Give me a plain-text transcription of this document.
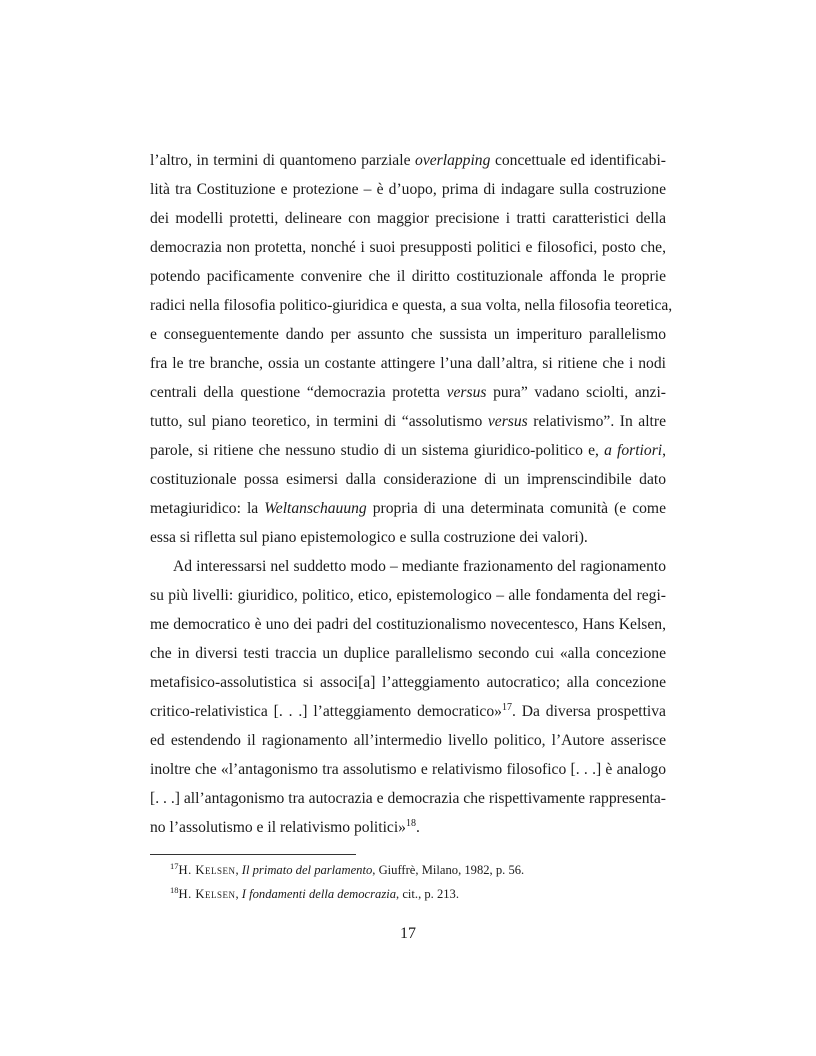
l’altro, in termini di quantomeno parziale overlapping concettuale ed identificabi-
lità tra Costituzione e protezione – è d’uopo, prima di indagare sulla costruzione
dei modelli protetti, delineare con maggior precisione i tratti caratteristici della
democrazia non protetta, nonché i suoi presupposti politici e filosofici, posto che,
potendo pacificamente convenire che il diritto costituzionale affonda le proprie
radici nella filosofia politico-giuridica e questa, a sua volta, nella filosofia teoretica,
e conseguentemente dando per assunto che sussista un imperituro parallelismo
fra le tre branche, ossia un costante attingere l’una dall’altra, si ritiene che i nodi
centrali della questione “democrazia protetta versus pura” vadano sciolti, anzi-
tutto, sul piano teoretico, in termini di “assolutismo versus relativismo”. In altre
parole, si ritiene che nessuno studio di un sistema giuridico-politico e, a fortiori,
costituzionale possa esimersi dalla considerazione di un imprenscindibile dato
metagiuridico: la Weltanschauung propria di una determinata comunità (e come
essa si rifletta sul piano epistemologico e sulla costruzione dei valori).
Ad interessarsi nel suddetto modo – mediante frazionamento del ragionamento
su più livelli: giuridico, politico, etico, epistemologico – alle fondamenta del regi-
me democratico è uno dei padri del costituzionalismo novecentesco, Hans Kelsen,
che in diversi testi traccia un duplice parallelismo secondo cui «alla concezione
metafisico-assolutistica si associ[a] l’atteggiamento autocratico; alla concezione
critico-relativistica [. . .] l’atteggiamento democratico»$^{17}$. Da diversa prospettiva
ed estendendo il ragionamento all’intermedio livello politico, l’Autore asserisce
inoltre che «l’antagonismo tra assolutismo e relativismo filosofico [. . .] è analogo
[. . .] all’antagonismo tra autocrazia e democrazia che rispettivamente rappresenta-
no l’assolutismo e il relativismo politici»$^{18}$.
$^{17}$H. Kelsen, Il primato del parlamento, Giuffrè, Milano, 1982, p. 56.
$^{18}$H. Kelsen, I fondamenti della democrazia, cit., p. 213.
17
